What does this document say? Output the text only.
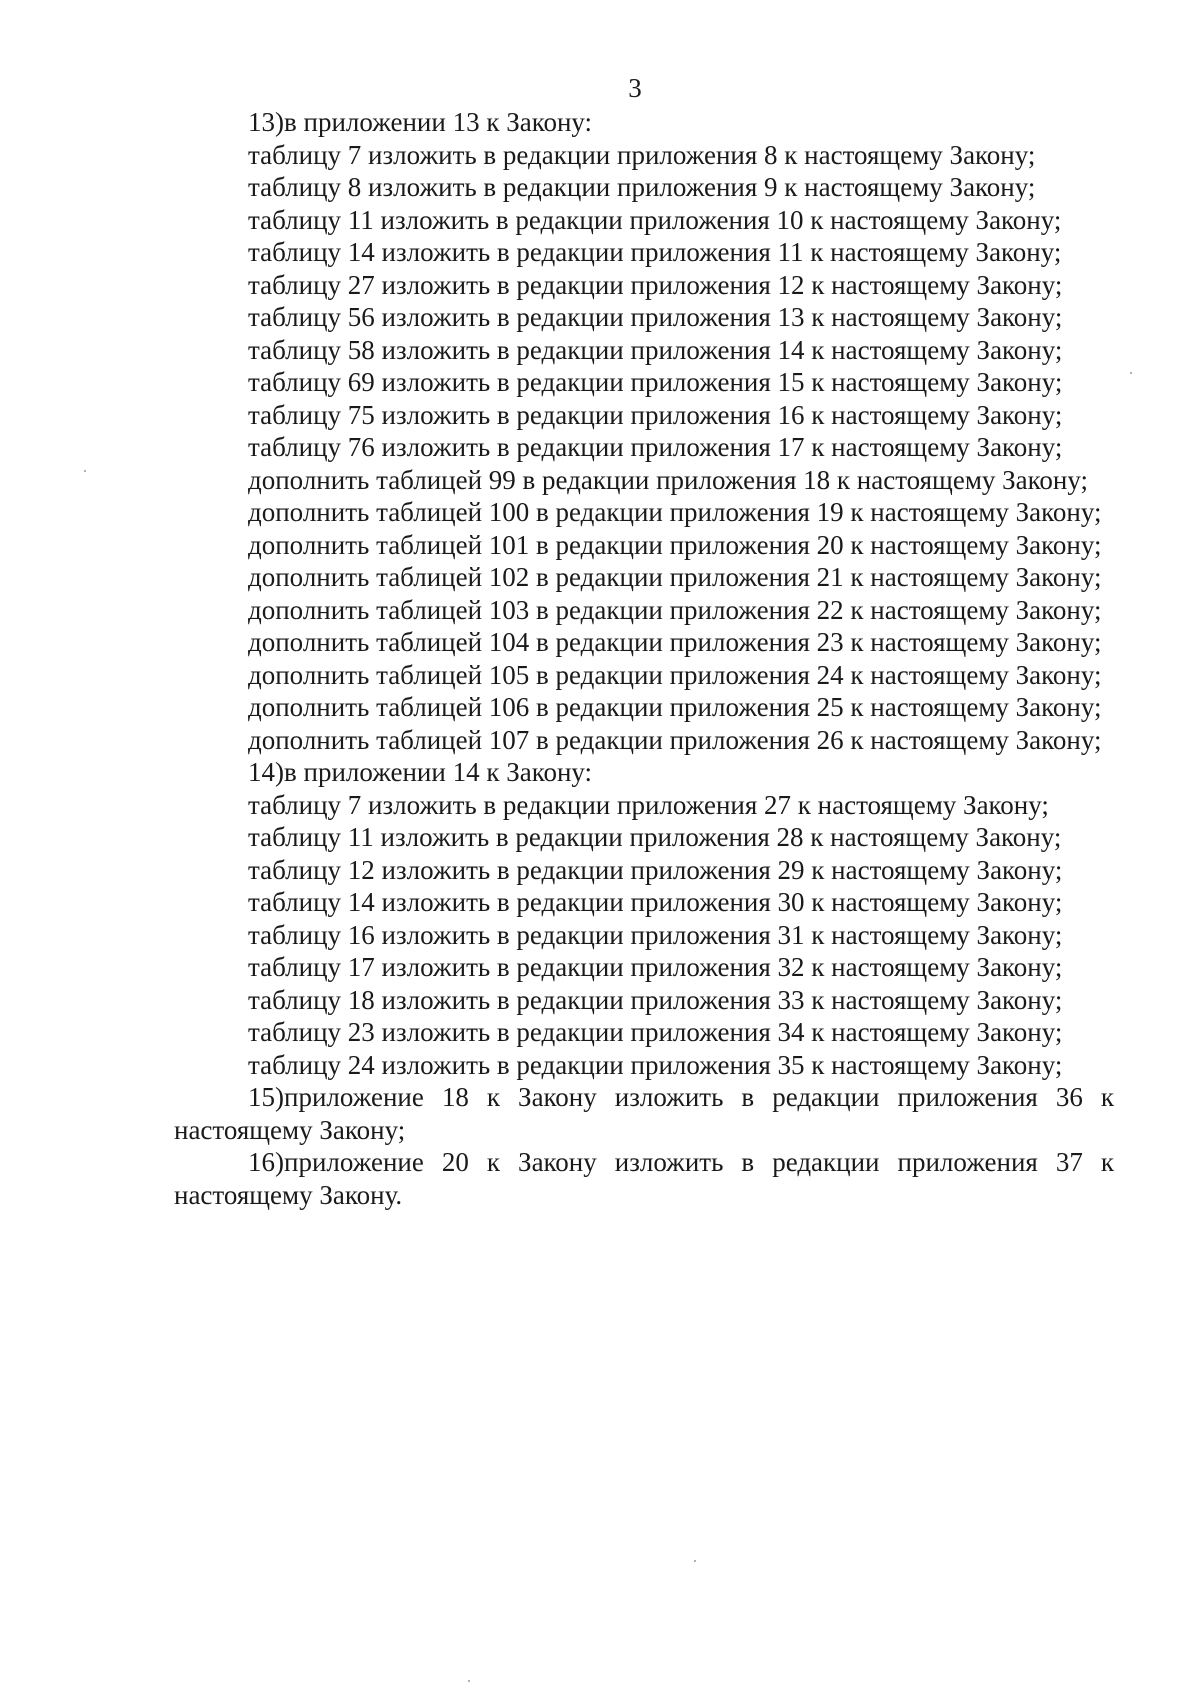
3

13)в приложении 13 к Закону:

таблицу 7 изложить в редакции приложения 8 к настоящему Закону;

таблицу 8 изложить в редакции приложения 9 к настоящему Закону;

таблицу 11 изложить в редакции приложения 10 к настоящему Закону;

таблицу 14 изложить в редакции приложения 11 к настоящему Закону;

таблицу 27 изложить в редакции приложения 12 к настоящему Закону;

таблицу 56 изложить в редакции приложения 13 к настоящему Закону;

таблицу 58 изложить в редакции приложения 14 к настоящему Закону;

таблицу 69 изложить в редакции приложения 15 к настоящему Закону;

таблицу 75 изложить в редакции приложения 16 к настоящему Закону;

таблицу 76 изложить в редакции приложения 17 к настоящему Закону;

дополнить таблицей 99 в редакции приложения 18 к настоящему Закону;

дополнить таблицей 100 в редакции приложения 19 к настоящему Закону;

дополнить таблицей 101 в редакции приложения 20 к настоящему Закону;

дополнить таблицей 102 в редакции приложения 21 к настоящему Закону;

дополнить таблицей 103 в редакции приложения 22 к настоящему Закону;

дополнить таблицей 104 в редакции приложения 23 к настоящему Закону;

дополнить таблицей 105 в редакции приложения 24 к настоящему Закону;

дополнить таблицей 106 в редакции приложения 25 к настоящему Закону;

дополнить таблицей 107 в редакции приложения 26 к настоящему Закону;

14)в приложении 14 к Закону:

таблицу 7 изложить в редакции приложения 27 к настоящему Закону;

таблицу 11 изложить в редакции приложения 28 к настоящему Закону;

таблицу 12 изложить в редакции приложения 29 к настоящему Закону;

таблицу 14 изложить в редакции приложения 30 к настоящему Закону;

таблицу 16 изложить в редакции приложения 31 к настоящему Закону;

таблицу 17 изложить в редакции приложения 32 к настоящему Закону;

таблицу 18 изложить в редакции приложения 33 к настоящему Закону;

таблицу 23 изложить в редакции приложения 34 к настоящему Закону;

таблицу 24 изложить в редакции приложения 35 к настоящему Закону;

15)приложение 18 к Закону изложить в редакции приложения 36 к настоящему Закону;

16)приложение 20 к Закону изложить в редакции приложения 37 к настоящему Закону.
